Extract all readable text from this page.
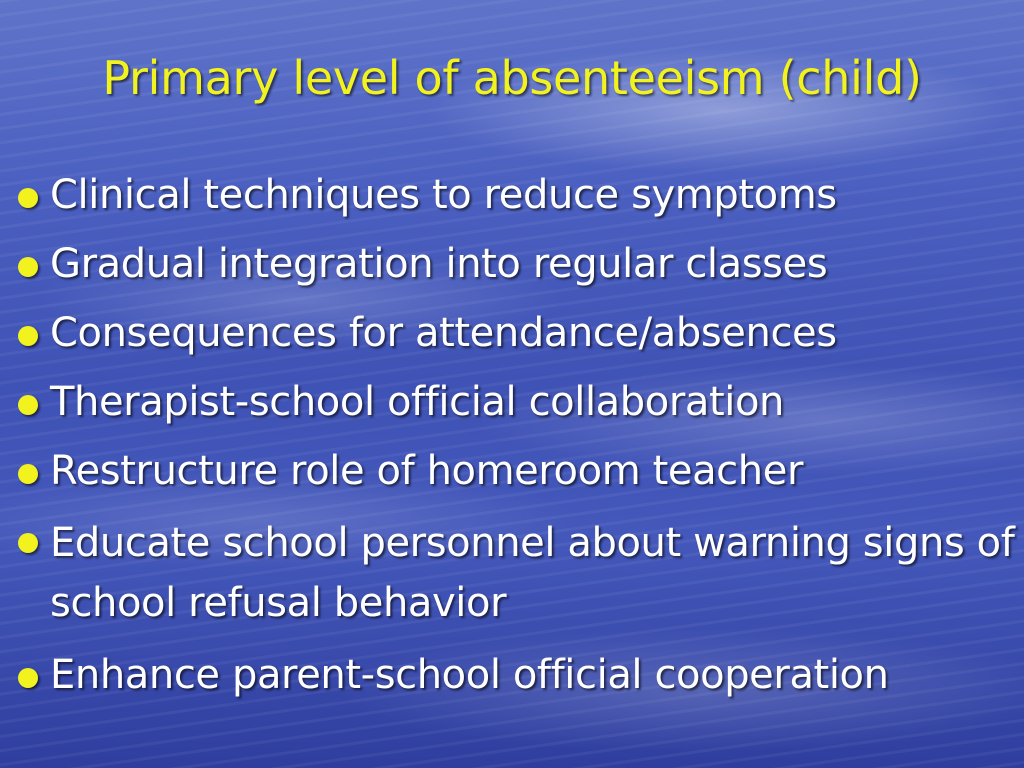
Primary level of absenteeism (child)
Clinical techniques to reduce symptoms
Gradual integration into regular classes
Consequences for attendance/absences
Therapist-school official collaboration
Restructure role of homeroom teacher
Educate school personnel about warning signs of school refusal behavior
Enhance parent-school official cooperation
